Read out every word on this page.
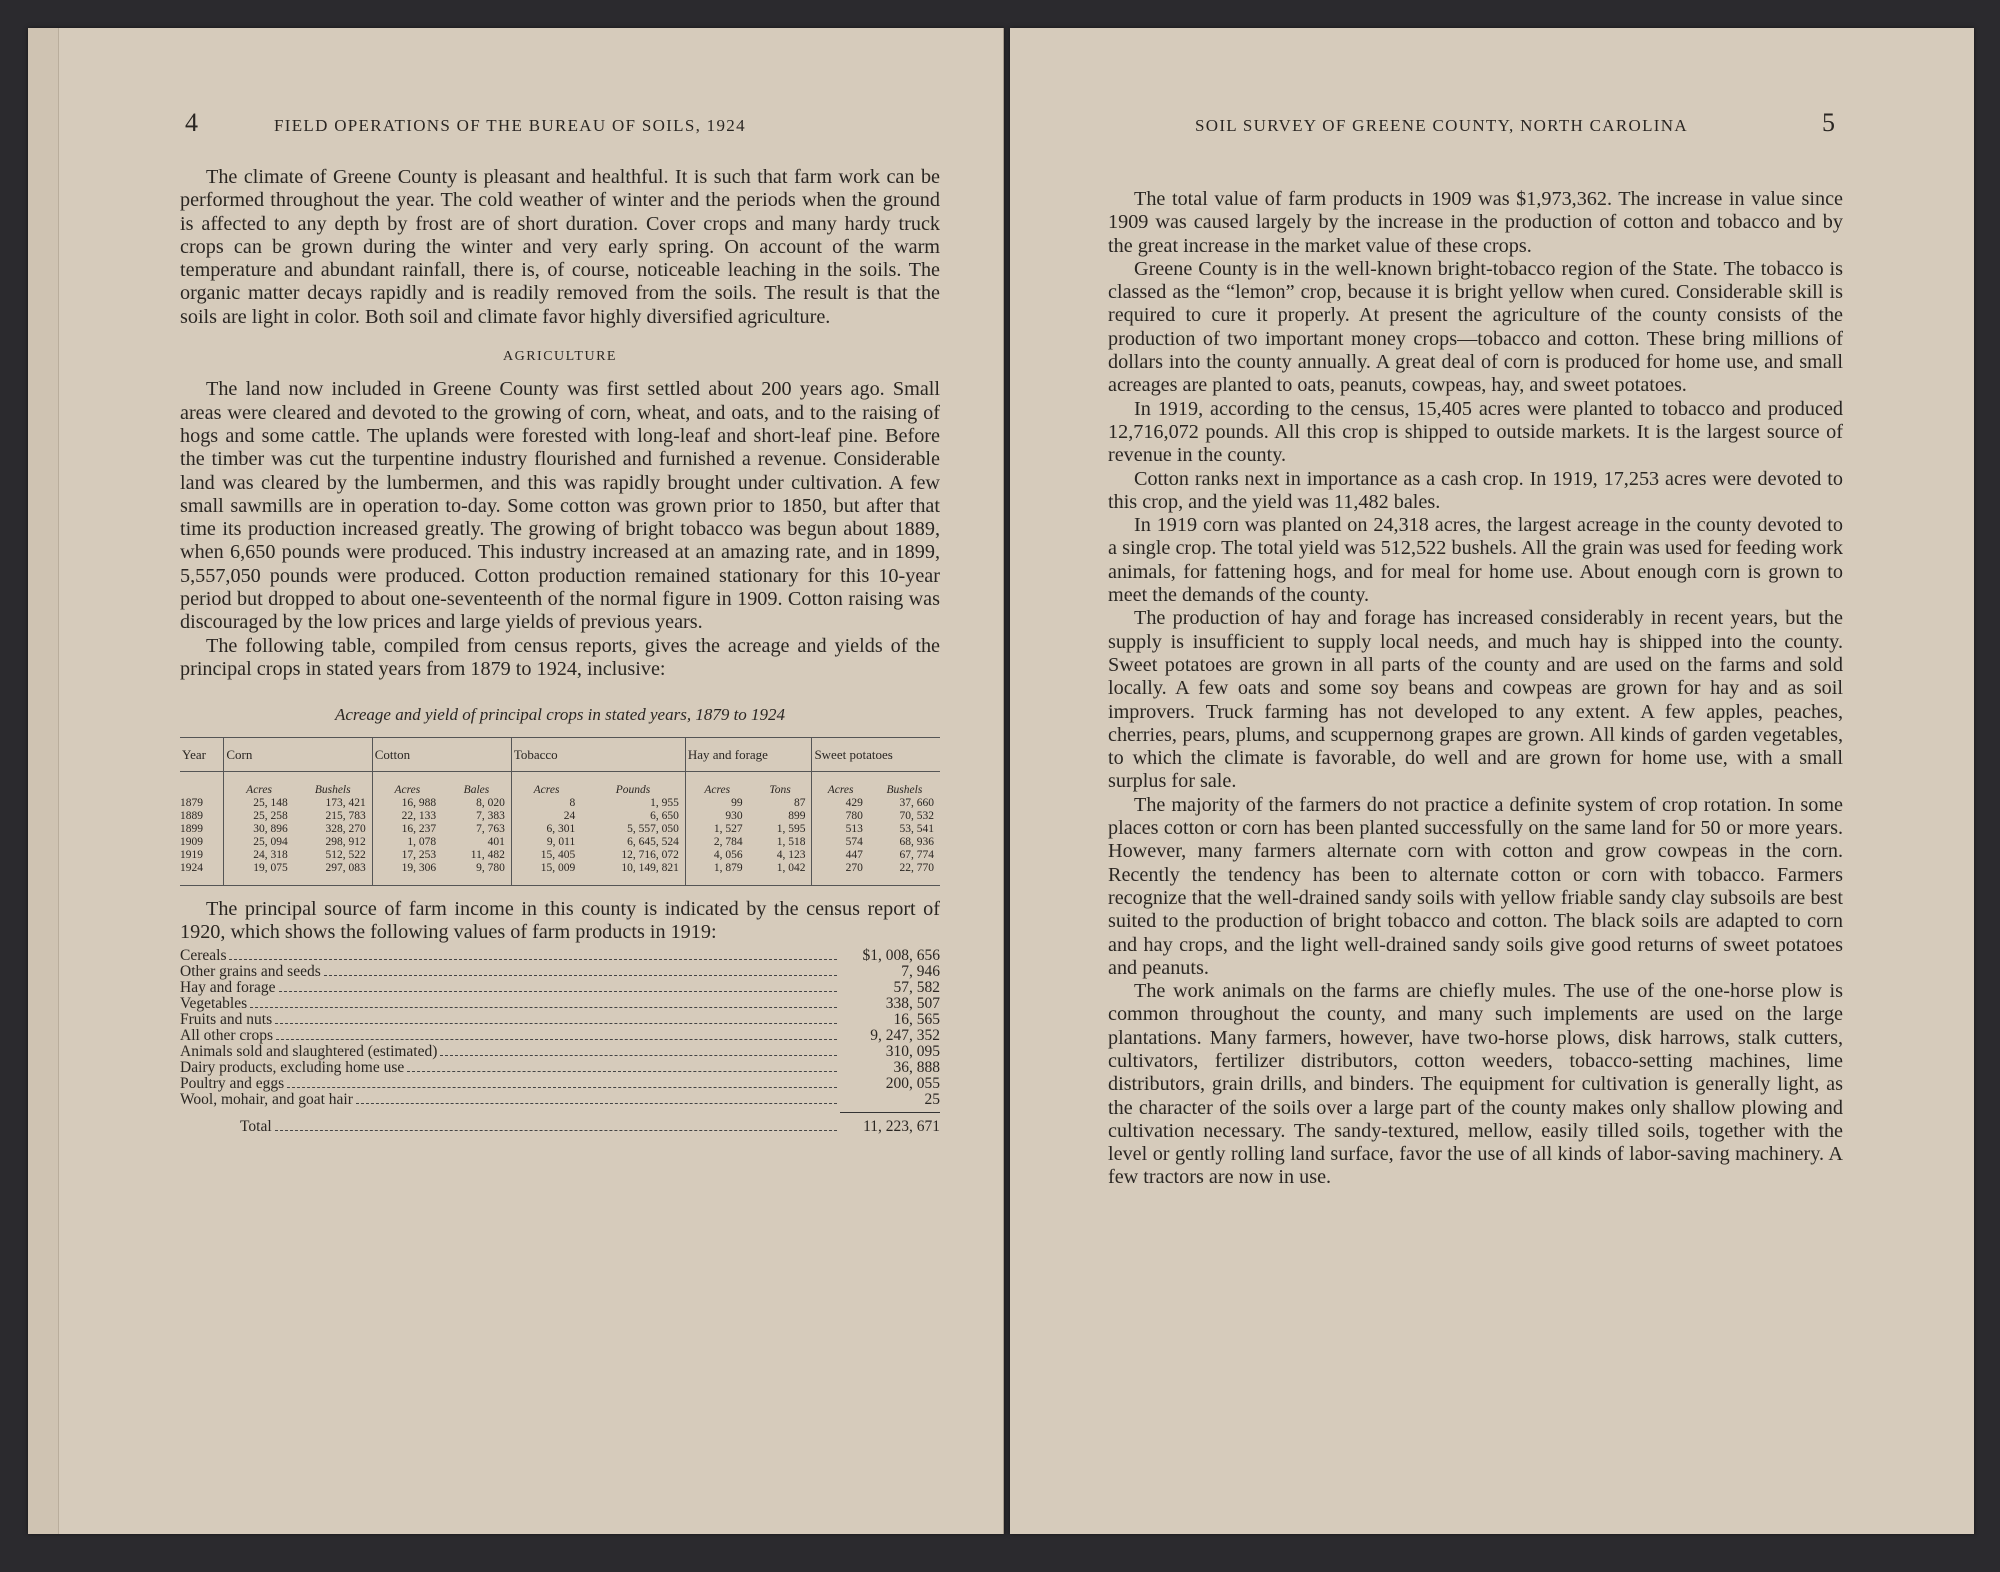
4	FIELD OPERATIONS OF THE BUREAU OF SOILS, 1924

The climate of Greene County is pleasant and healthful. It is such that farm work can be performed throughout the year. The cold weather of winter and the periods when the ground is affected to any depth by frost are of short duration. Cover crops and many hardy truck crops can be grown during the winter and very early spring. On account of the warm temperature and abundant rainfall, there is, of course, noticeable leaching in the soils. The organic matter decays rapidly and is readily removed from the soils. The result is that the soils are light in color. Both soil and climate favor highly diversified agriculture.

AGRICULTURE

The land now included in Greene County was first settled about 200 years ago. Small areas were cleared and devoted to the growing of corn, wheat, and oats, and to the raising of hogs and some cattle. The uplands were forested with long-leaf and short-leaf pine. Before the timber was cut the turpentine industry flourished and furnished a revenue. Considerable land was cleared by the lumbermen, and this was rapidly brought under cultivation. A few small sawmills are in operation to-day. Some cotton was grown prior to 1850, but after that time its production increased greatly. The growing of bright tobacco was begun about 1889, when 6,650 pounds were produced. This industry increased at an amazing rate, and in 1899, 5,557,050 pounds were produced. Cotton production remained stationary for this 10-year period but dropped to about one-seventeenth of the normal figure in 1909. Cotton raising was discouraged by the low prices and large yields of previous years.

The following table, compiled from census reports, gives the acreage and yields of the principal crops in stated years from 1879 to 1924, inclusive:

Acreage and yield of principal crops in stated years, 1879 to 1924
Year	Corn		Cotton		Tobacco		Hay and forage		Sweet potatoes	
	Acres	Bushels	Acres	Bales	Acres	Pounds	Acres	Tons	Acres	Bushels
1879	25, 148	173, 421	16, 988	8, 020	8	1, 955	99	87	429	37, 660
1889	25, 258	215, 783	22, 133	7, 383	24	6, 650	930	899	780	70, 532
1899	30, 896	328, 270	16, 237	7, 763	6, 301	5, 557, 050	1, 527	1, 595	513	53, 541
1909	25, 094	298, 912	1, 078	401	9, 011	6, 645, 524	2, 784	1, 518	574	68, 936
1919	24, 318	512, 522	17, 253	11, 482	15, 405	12, 716, 072	4, 056	4, 123	447	67, 774
1924	19, 075	297, 083	19, 306	9, 780	15, 009	10, 149, 821	1, 879	1, 042	270	22, 770

The principal source of farm income in this county is indicated by the census report of 1920, which shows the following values of farm products in 1919:

Cereals	$1, 008, 656
Other grains and seeds	7, 946
Hay and forage	57, 582
Vegetables	338, 507
Fruits and nuts	16, 565
All other crops	9, 247, 352
Animals sold and slaughtered (estimated)	310, 095
Dairy products, excluding home use	36, 888
Poultry and eggs	200, 055
Wool, mohair, and goat hair	25
Total	11, 223, 671
SOIL SURVEY OF GREENE COUNTY, NORTH CAROLINA	5

The total value of farm products in 1909 was $1,973,362. The increase in value since 1909 was caused largely by the increase in the production of cotton and tobacco and by the great increase in the market value of these crops.

Greene County is in the well-known bright-tobacco region of the State. The tobacco is classed as the “lemon” crop, because it is bright yellow when cured. Considerable skill is required to cure it properly. At present the agriculture of the county consists of the production of two important money crops—tobacco and cotton. These bring millions of dollars into the county annually. A great deal of corn is produced for home use, and small acreages are planted to oats, peanuts, cowpeas, hay, and sweet potatoes.

In 1919, according to the census, 15,405 acres were planted to tobacco and produced 12,716,072 pounds. All this crop is shipped to outside markets. It is the largest source of revenue in the county.

Cotton ranks next in importance as a cash crop. In 1919, 17,253 acres were devoted to this crop, and the yield was 11,482 bales.

In 1919 corn was planted on 24,318 acres, the largest acreage in the county devoted to a single crop. The total yield was 512,522 bushels. All the grain was used for feeding work animals, for fattening hogs, and for meal for home use. About enough corn is grown to meet the demands of the county.

The production of hay and forage has increased considerably in recent years, but the supply is insufficient to supply local needs, and much hay is shipped into the county. Sweet potatoes are grown in all parts of the county and are used on the farms and sold locally. A few oats and some soy beans and cowpeas are grown for hay and as soil improvers. Truck farming has not developed to any extent. A few apples, peaches, cherries, pears, plums, and scuppernong grapes are grown. All kinds of garden vegetables, to which the climate is favorable, do well and are grown for home use, with a small surplus for sale.

The majority of the farmers do not practice a definite system of crop rotation. In some places cotton or corn has been planted successfully on the same land for 50 or more years. However, many farmers alternate corn with cotton and grow cowpeas in the corn. Recently the tendency has been to alternate cotton or corn with tobacco. Farmers recognize that the well-drained sandy soils with yellow friable sandy clay subsoils are best suited to the production of bright tobacco and cotton. The black soils are adapted to corn and hay crops, and the light well-drained sandy soils give good returns of sweet potatoes and peanuts.

The work animals on the farms are chiefly mules. The use of the one-horse plow is common throughout the county, and many such implements are used on the large plantations. Many farmers, however, have two-horse plows, disk harrows, stalk cutters, cultivators, fertilizer distributors, cotton weeders, tobacco-setting machines, lime distributors, grain drills, and binders. The equipment for cultivation is generally light, as the character of the soils over a large part of the county makes only shallow plowing and cultivation necessary. The sandy-textured, mellow, easily tilled soils, together with the level or gently rolling land surface, favor the use of all kinds of labor-saving machinery. A few tractors are now in use.
